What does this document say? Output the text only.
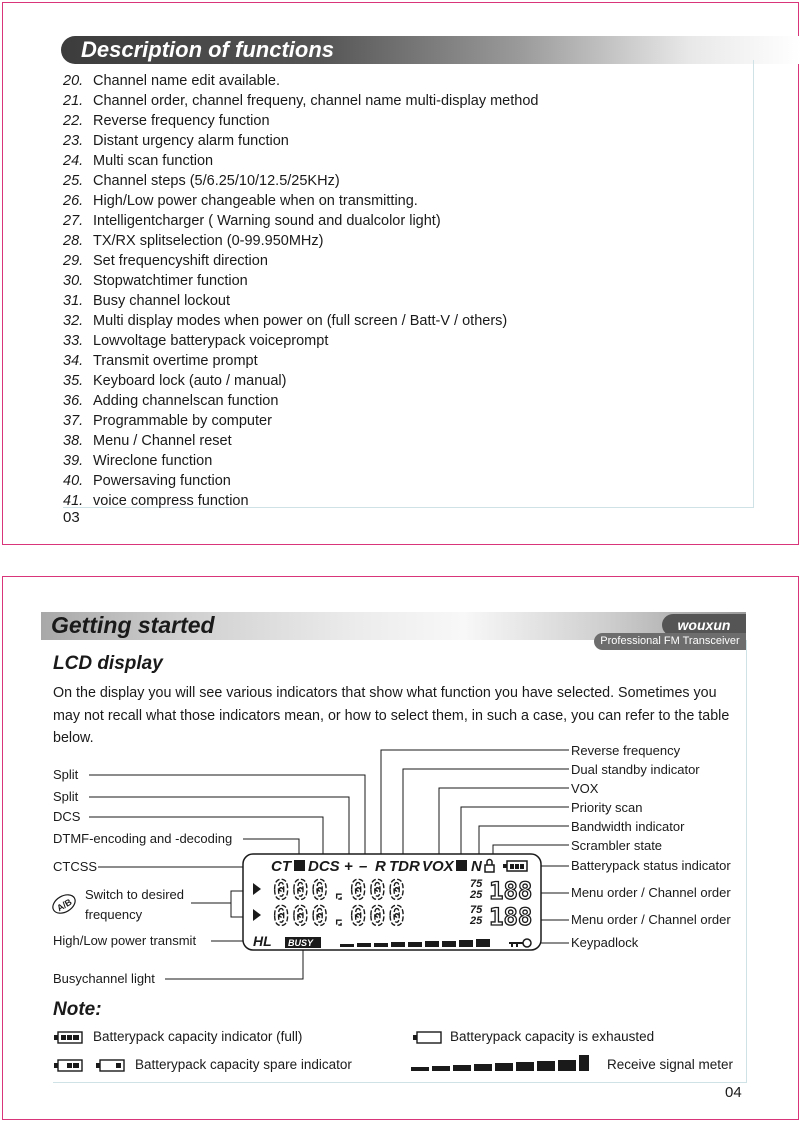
Description of functions
20. Channel name edit available.
21. Channel order, channel frequeny, channel name multi-display method
22. Reverse frequency function
23. Distant urgency alarm function
24. Multi scan function
25. Channel steps (5/6.25/10/12.5/25KHz)
26. High/Low power changeable when on transmitting.
27. Intelligentcharger ( Warning sound and dualcolor light)
28. TX/RX splitselection (0-99.950MHz)
29. Set frequencyshift direction
30. Stopwatchtimer function
31. Busy channel lockout
32. Multi display modes when power on (full screen / Batt-V / others)
33. Lowvoltage batterypack voiceprompt
34. Transmit overtime prompt
35. Keyboard lock (auto / manual)
36. Adding channelscan function
37. Programmable by computer
38. Menu / Channel reset
39. Wireclone function
40. Powersaving function
41. voice compress function
03
Getting started	wouxun
Professional FM Transceiver
LCD display

On the display you will see various indicators that show what function you have selected. Sometimes you may not recall what those indicators mean, or how to select them, in such a case, you can refer to the table below.

Split
Split
DCS
DTMF-encoding and -decoding
CTCSS
Switch to desired
frequency
High/Low power transmit
Busychannel light
Reverse frequency
Dual standby indicator
VOX
Priority scan
Bandwidth indicator
Scrambler state
Batterypack status indicator
Menu order / Channel order
Menu order / Channel order
Keypadlock
CT DCS + – R TDR VOX N
000.000
000.000
75
25
75
25
188
188
HL BUSY
A/B
Note:
Batterypack capacity indicator (full)
Batterypack capacity spare indicator
Batterypack capacity is exhausted
Receive signal meter
04
